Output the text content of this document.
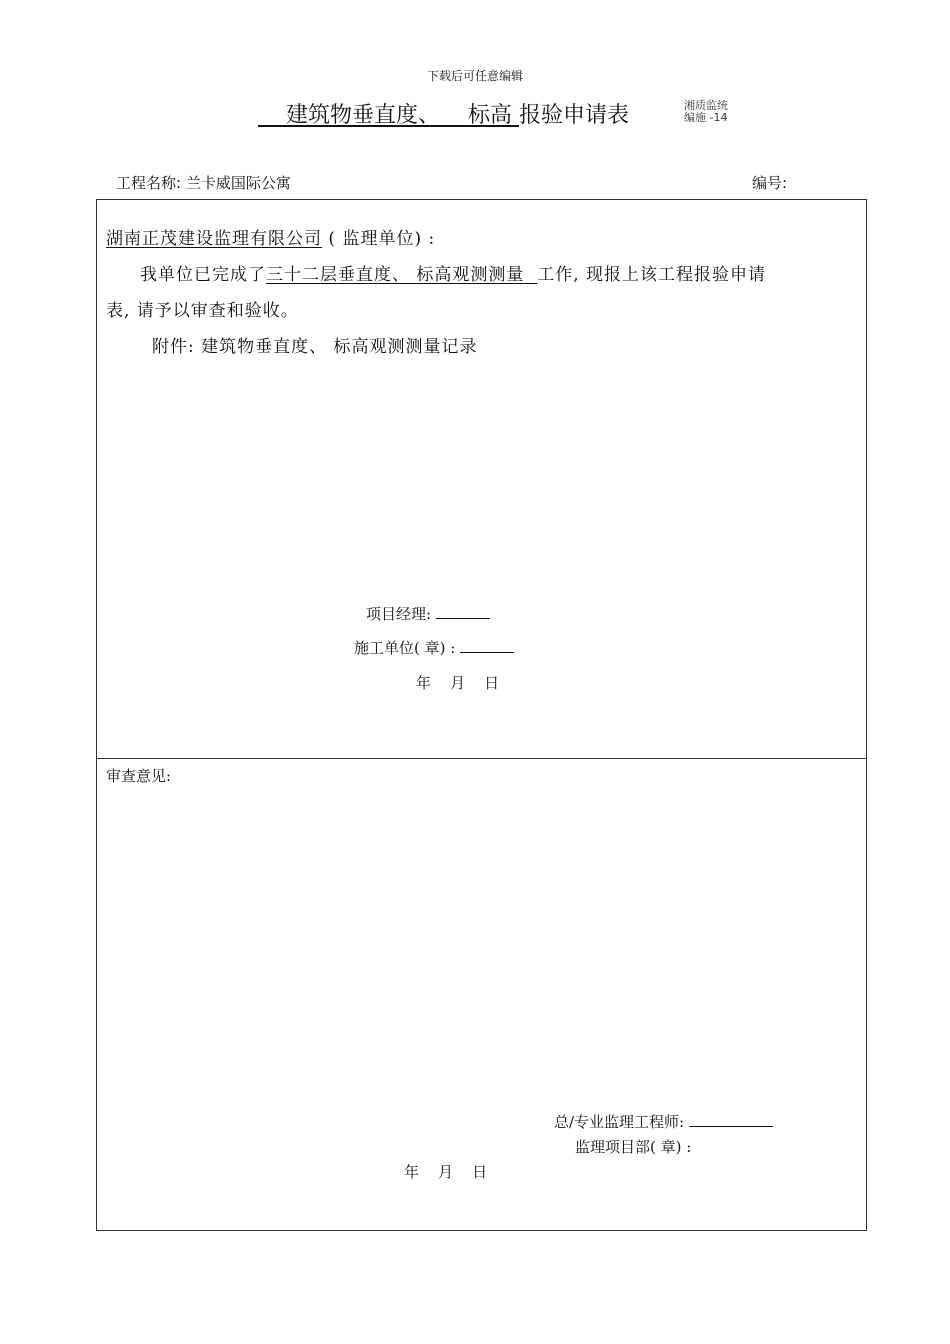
下载后可任意编辑
建筑物垂直度、 标高 报验申请表	湘质监统
编施 -14
工程名称: 兰卡威国际公寓	编号:
湖南正茂建设监理有限公司 ( 监理单位) :
我单位已完成了三十二层垂直度、 标高观测测量 工作, 现报上该工程报验申请
表, 请予以审查和验收。
附件: 建筑物垂直度、 标高观测测量记录
项目经理:
施工单位( 章) :
年    月    日
审查意见:
总/专业监理工程师:
监理项目部( 章) :
年    月    日
